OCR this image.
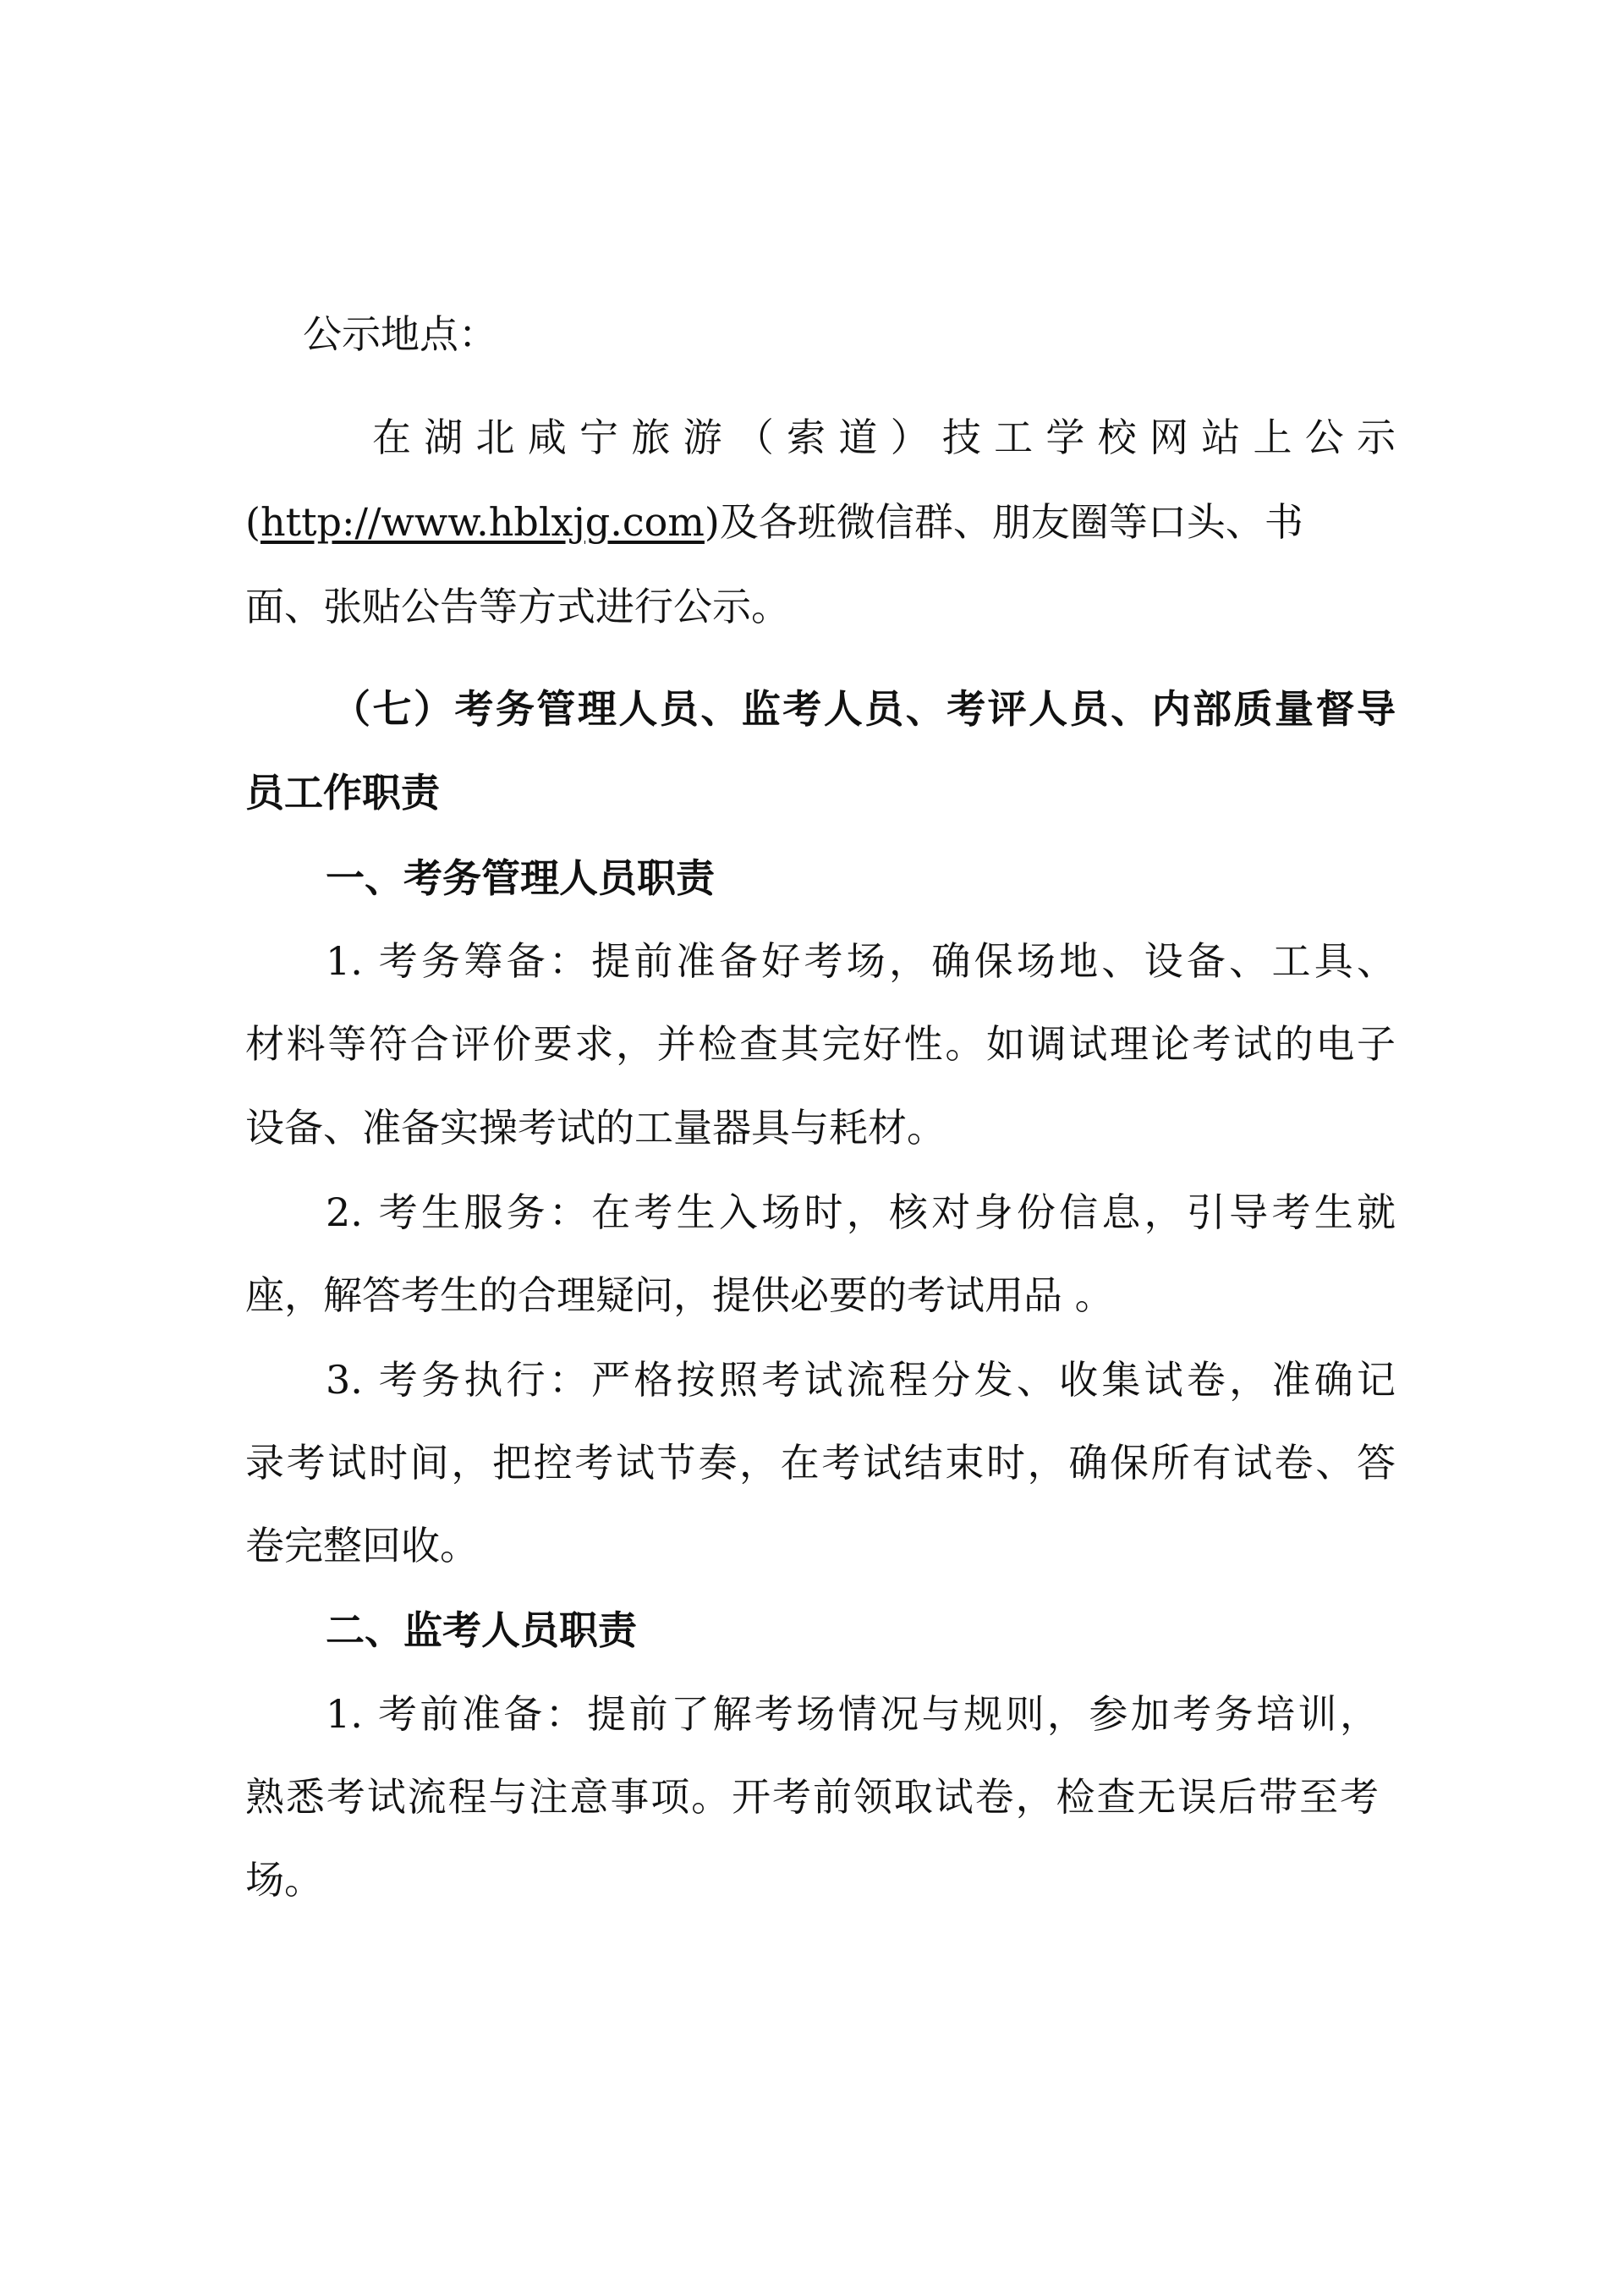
公示地点：

在湖北咸宁旅游（索道）技工学校网站上公示

(http://www.hblxjg.com)及各班微信群、朋友圈等口头、书

面、张贴公告等方式进行公示。

（七）考务管理人员、监考人员、考评人员、内部质量督导

员工作职责

一、考务管理人员职责

1. 考务筹备：提前准备好考场，确保场地、设备、工具、

材料等符合评价要求，并检查其完好性。如调试理论考试的电子

设备、准备实操考试的工量器具与耗材。

2. 考生服务：在考生入场时，核对身份信息，引导考生就

座，解答考生的合理疑问，提供必要的考试用品 。

3. 考务执行：严格按照考试流程分发、收集试卷，准确记

录考试时间，把控考试节奏，在考试结束时，确保所有试卷、答

卷完整回收。

二、监考人员职责

1. 考前准备：提前了解考场情况与规则，参加考务培训，

熟悉考试流程与注意事项。开考前领取试卷，检查无误后带至考

场。
